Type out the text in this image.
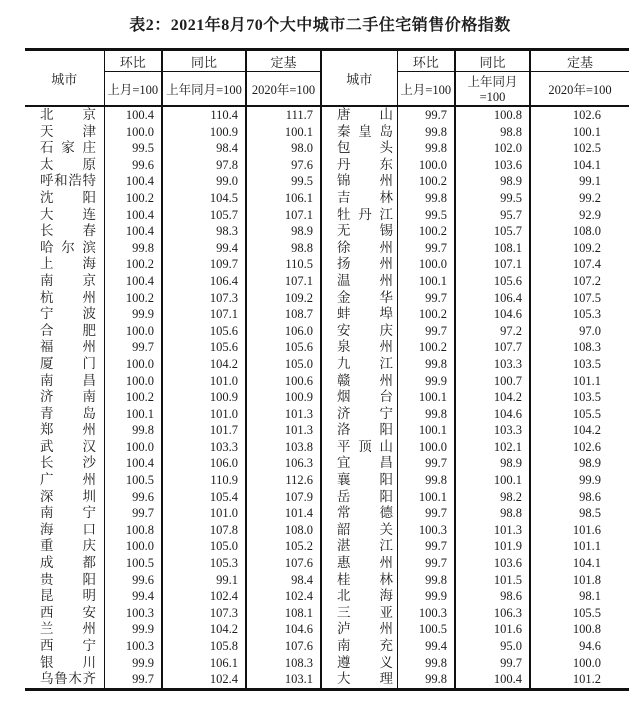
表2：2021年8月70个大中城市二手住宅销售价格指数
城市	环比	同比	定基	城市	环比	同比	定基
	上月=100	上年同月=100	2020年=100		上月=100	上年同月=100	2020年=100
北京	100.4	110.4	111.7	唐山	99.7	100.8	102.6
天津	100.0	100.9	100.1	秦皇岛	99.8	98.8	100.1
石家庄	99.5	98.4	98.0	包头	99.8	102.0	102.5
太原	99.6	97.8	97.6	丹东	100.0	103.6	104.1
呼和浩特	100.4	99.0	99.5	锦州	100.2	98.9	99.1
沈阳	100.2	104.5	106.1	吉林	99.8	99.5	99.2
大连	100.4	105.7	107.1	牡丹江	99.5	95.7	92.9
长春	100.4	98.3	98.9	无锡	100.2	105.7	108.0
哈尔滨	99.8	99.4	98.8	徐州	99.7	108.1	109.2
上海	100.2	109.7	110.5	扬州	100.0	107.1	107.4
南京	100.4	106.4	107.1	温州	100.1	105.6	107.2
杭州	100.2	107.3	109.2	金华	99.7	106.4	107.5
宁波	99.9	107.1	108.7	蚌埠	100.2	104.6	105.3
合肥	100.0	105.6	106.0	安庆	99.7	97.2	97.0
福州	99.7	105.6	105.6	泉州	100.2	107.7	108.3
厦门	100.0	104.2	105.0	九江	99.8	103.3	103.5
南昌	100.0	101.0	100.6	赣州	99.9	100.7	101.1
济南	100.2	100.9	100.9	烟台	100.1	104.2	103.5
青岛	100.1	101.0	101.3	济宁	99.8	104.6	105.5
郑州	99.8	101.7	101.3	洛阳	100.1	103.3	104.2
武汉	100.0	103.3	103.8	平顶山	100.0	102.1	102.6
长沙	100.4	106.0	106.3	宜昌	99.7	98.9	98.9
广州	100.5	110.9	112.6	襄阳	99.8	100.1	99.9
深圳	99.6	105.4	107.9	岳阳	100.1	98.2	98.6
南宁	99.7	101.0	101.4	常德	99.7	98.8	98.5
海口	100.8	107.8	108.0	韶关	100.3	101.3	101.6
重庆	100.0	105.0	105.2	湛江	99.7	101.9	101.1
成都	100.5	105.3	107.6	惠州	99.7	103.6	104.1
贵阳	99.6	99.1	98.4	桂林	99.8	101.5	101.8
昆明	99.4	102.4	102.4	北海	99.9	98.6	98.1
西安	100.3	107.3	108.1	三亚	100.3	106.3	105.5
兰州	99.9	104.2	104.6	泸州	100.5	101.6	100.8
西宁	100.3	105.8	107.6	南充	99.4	95.0	94.6
银川	99.9	106.1	108.3	遵义	99.8	99.7	100.0
乌鲁木齐	99.7	102.4	103.1	大理	99.8	100.4	101.2
